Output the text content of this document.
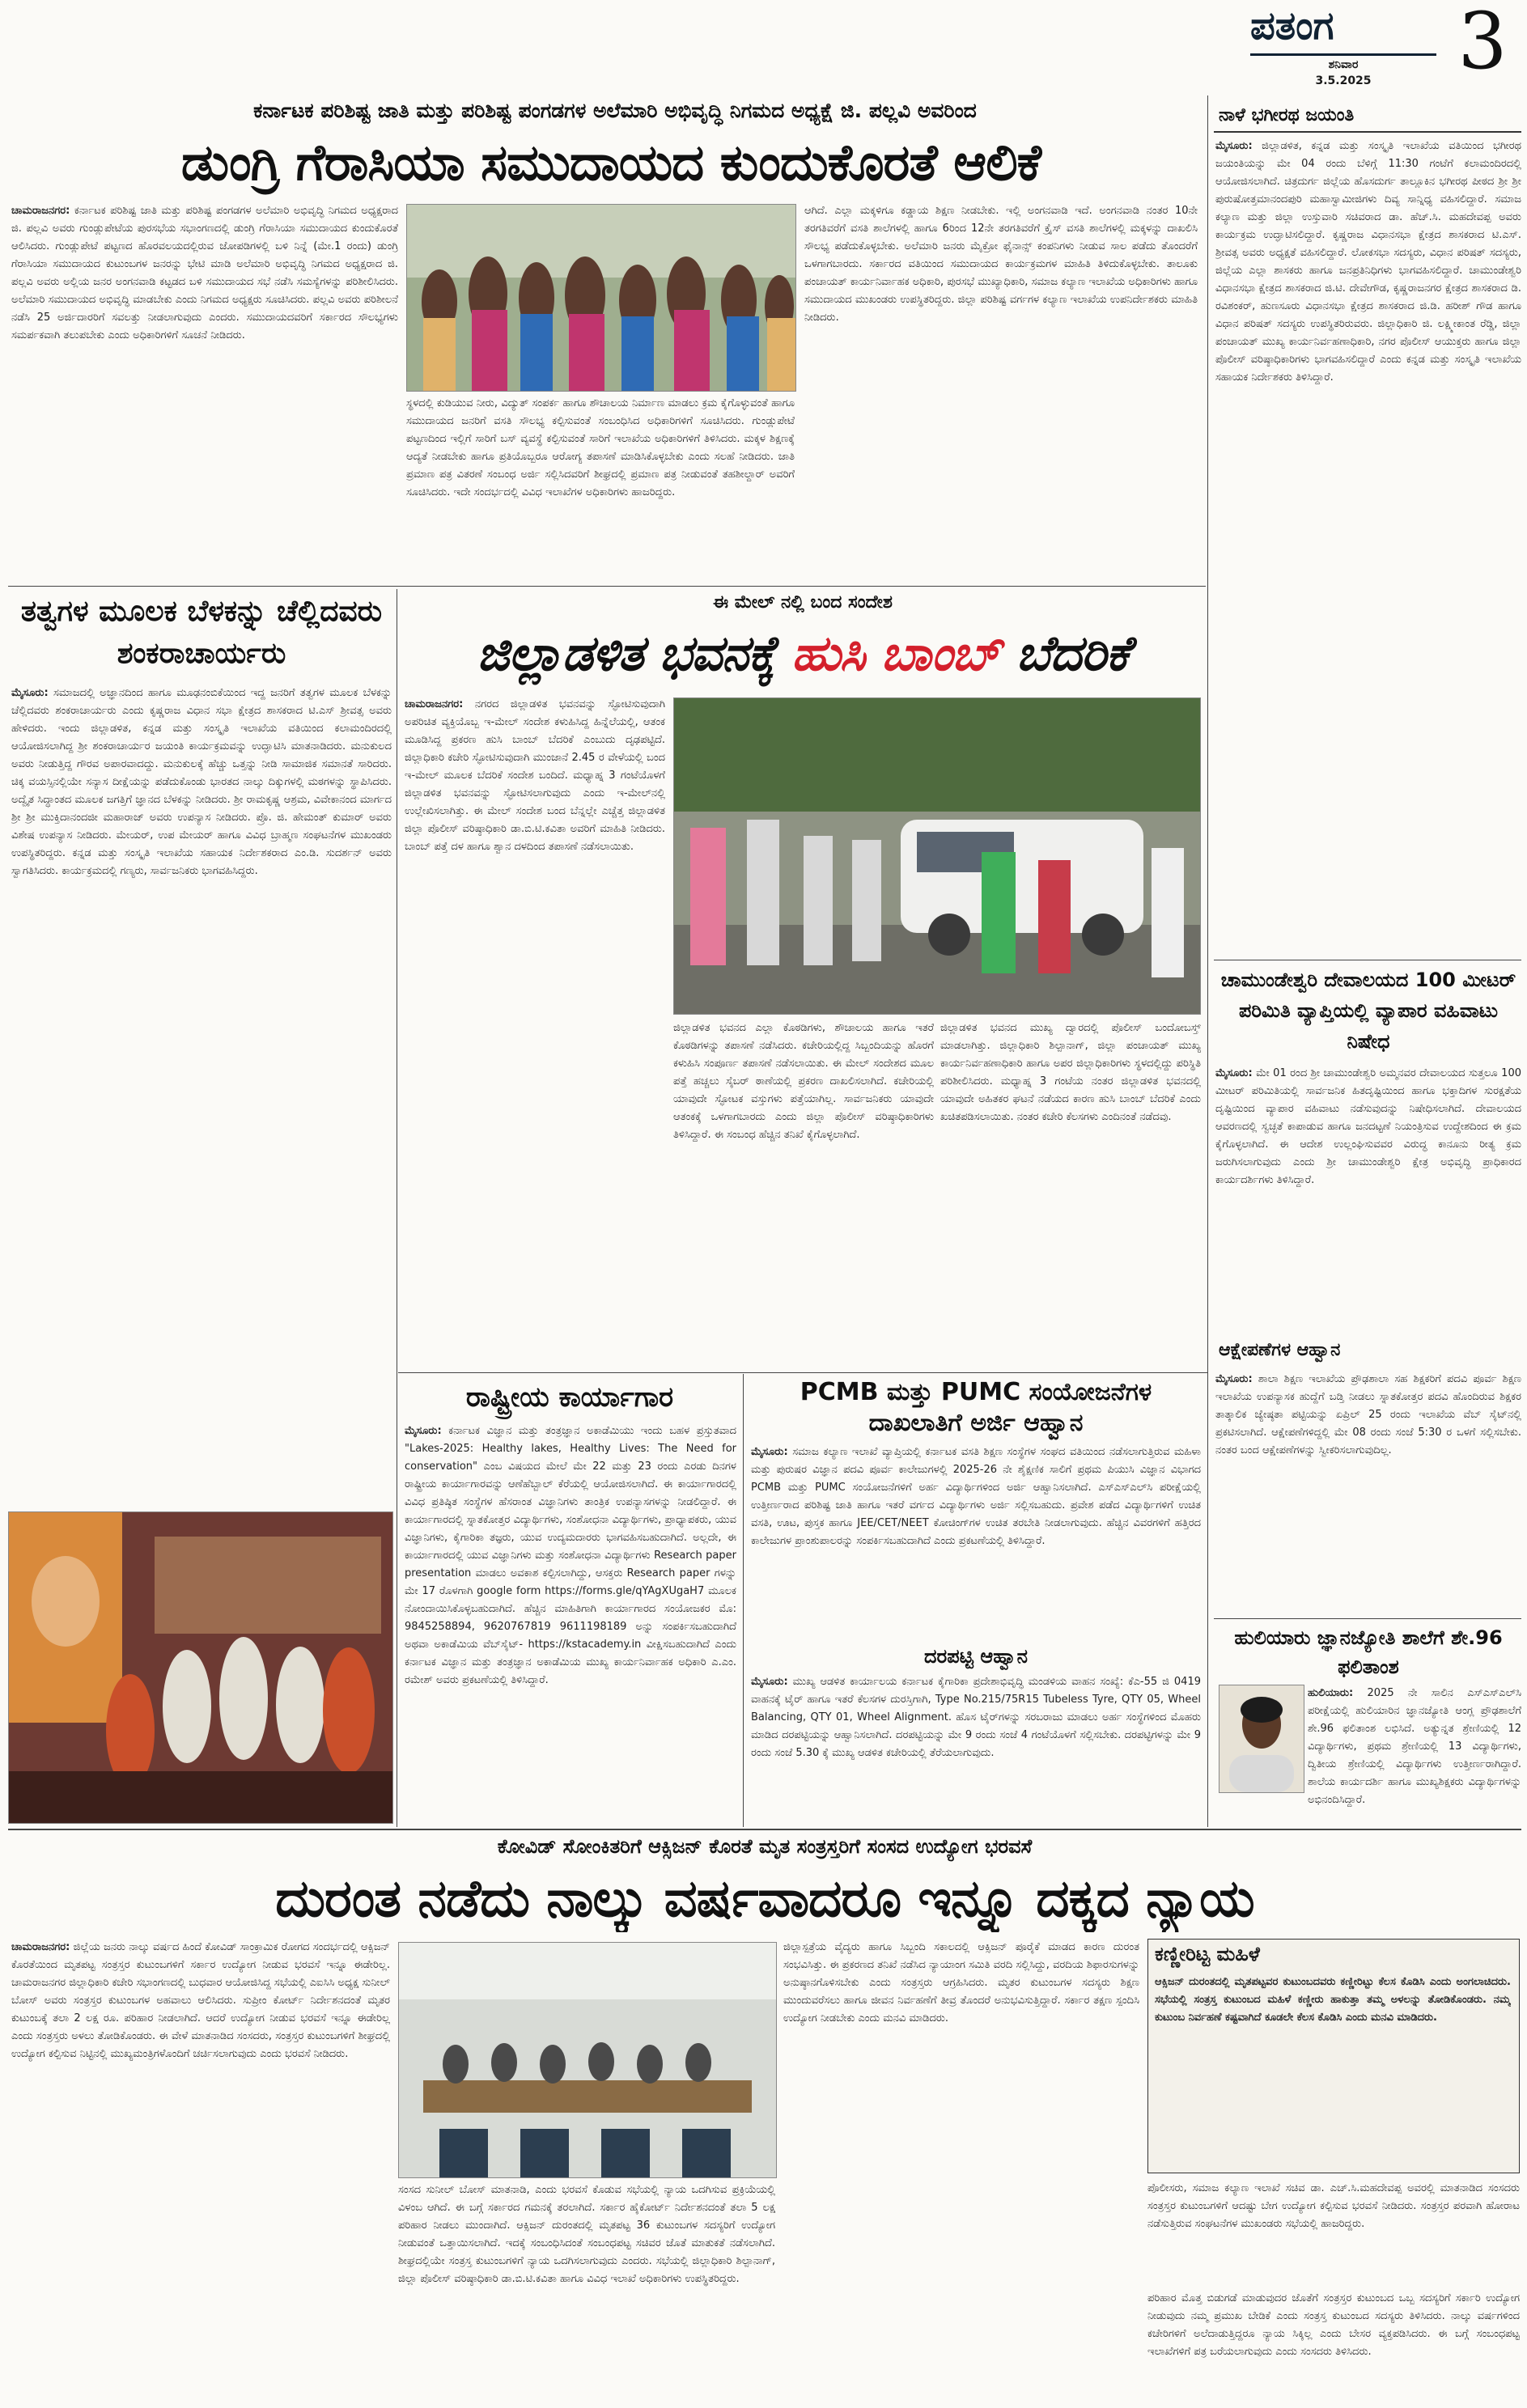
ಪತಂಗ
ಶನಿವಾರ
3.5.2025	3
ಕರ್ನಾಟಕ ಪರಿಶಿಷ್ಟ ಜಾತಿ ಮತ್ತು ಪರಿಶಿಷ್ಟ ಪಂಗಡಗಳ ಅಲೆಮಾರಿ ಅಭಿವೃದ್ಧಿ ನಿಗಮದ ಅಧ್ಯಕ್ಷೆ ಜಿ. ಪಲ್ಲವಿ ಅವರಿಂದ
ಡುಂಗ್ರಿ ಗೆರಾಸಿಯಾ ಸಮುದಾಯದ ಕುಂದುಕೊರತೆ ಆಲಿಕೆ
ಚಾಮರಾಜನಗರ: ಕರ್ನಾಟಕ ಪರಿಶಿಷ್ಟ ಜಾತಿ ಮತ್ತು ಪರಿಶಿಷ್ಟ ಪಂಗಡಗಳ ಅಲೆಮಾರಿ ಅಭಿವೃದ್ಧಿ ನಿಗಮದ ಅಧ್ಯಕ್ಷರಾದ ಜಿ. ಪಲ್ಲವಿ ಅವರು ಗುಂಡ್ಲುಪೇಟೆಯ ಪುರಸಭೆಯ ಸಭಾಂಗಣದಲ್ಲಿ ಡುಂಗ್ರಿ ಗೆರಾಸಿಯಾ ಸಮುದಾಯದ ಕುಂದುಕೊರತೆ ಆಲಿಸಿದರು. ಗುಂಡ್ಲುಪೇಟೆ ಪಟ್ಟಣದ ಹೊರವಲಯದಲ್ಲಿರುವ ಜೋಪಡಿಗಳಲ್ಲಿ ಬಳಿ ನಿನ್ನೆ (ಮೇ.1 ರಂದು) ಡುಂಗ್ರಿ ಗೆರಾಸಿಯಾ ಸಮುದಾಯದ ಕುಟುಂಬಗಳ ಜನರನ್ನು ಭೇಟಿ ಮಾಡಿ ಅಲೆಮಾರಿ ಅಭಿವೃದ್ಧಿ ನಿಗಮದ ಅಧ್ಯಕ್ಷರಾದ ಜಿ. ಪಲ್ಲವಿ ಅವರು ಅಲ್ಲಿಯ ಜನರ ಅಂಗನವಾಡಿ ಕಟ್ಟಡದ ಬಳಿ ಸಮುದಾಯದ ಸಭೆ ನಡೆಸಿ ಸಮಸ್ಯೆಗಳನ್ನು ಪರಿಶೀಲಿಸಿದರು. ಅಲೆಮಾರಿ ಸಮುದಾಯದ ಅಭಿವೃದ್ಧಿ ಮಾಡಬೇಕು ಎಂದು ನಿಗಮದ ಅಧ್ಯಕ್ಷರು ಸೂಚಿಸಿದರು. ಪಲ್ಲವಿ ಅವರು ಪರಿಶೀಲನೆ ನಡೆಸಿ 25 ಅರ್ಜಿದಾರರಿಗೆ ಸವಲತ್ತು ನೀಡಲಾಗುವುದು ಎಂದರು. ಸಮುದಾಯದವರಿಗೆ ಸರ್ಕಾರದ ಸೌಲಭ್ಯಗಳು ಸಮರ್ಪಕವಾಗಿ ತಲುಪಬೇಕು ಎಂದು ಅಧಿಕಾರಿಗಳಿಗೆ ಸೂಚನೆ ನೀಡಿದರು.
ಸ್ಥಳದಲ್ಲಿ ಕುಡಿಯುವ ನೀರು, ವಿದ್ಯುತ್ ಸಂಪರ್ಕ ಹಾಗೂ ಶೌಚಾಲಯ ನಿರ್ಮಾಣ ಮಾಡಲು ಕ್ರಮ ಕೈಗೊಳ್ಳುವಂತೆ ಹಾಗೂ ಸಮುದಾಯದ ಜನರಿಗೆ ವಸತಿ ಸೌಲಭ್ಯ ಕಲ್ಪಿಸುವಂತೆ ಸಂಬಂಧಿಸಿದ ಅಧಿಕಾರಿಗಳಿಗೆ ಸೂಚಿಸಿದರು. ಗುಂಡ್ಲುಪೇಟೆ ಪಟ್ಟಣದಿಂದ ಇಲ್ಲಿಗೆ ಸಾರಿಗೆ ಬಸ್ ವ್ಯವಸ್ಥೆ ಕಲ್ಪಿಸುವಂತೆ ಸಾರಿಗೆ ಇಲಾಖೆಯ ಅಧಿಕಾರಿಗಳಿಗೆ ತಿಳಿಸಿದರು. ಮಕ್ಕಳ ಶಿಕ್ಷಣಕ್ಕೆ ಆದ್ಯತೆ ನೀಡಬೇಕು ಹಾಗೂ ಪ್ರತಿಯೊಬ್ಬರೂ ಆರೋಗ್ಯ ತಪಾಸಣೆ ಮಾಡಿಸಿಕೊಳ್ಳಬೇಕು ಎಂದು ಸಲಹೆ ನೀಡಿದರು. ಜಾತಿ ಪ್ರಮಾಣ ಪತ್ರ ವಿತರಣೆ ಸಂಬಂಧ ಅರ್ಜಿ ಸಲ್ಲಿಸಿದವರಿಗೆ ಶೀಘ್ರದಲ್ಲಿ ಪ್ರಮಾಣ ಪತ್ರ ನೀಡುವಂತೆ ತಹಶೀಲ್ದಾರ್ ಅವರಿಗೆ ಸೂಚಿಸಿದರು. ಇದೇ ಸಂದರ್ಭದಲ್ಲಿ ವಿವಿಧ ಇಲಾಖೆಗಳ ಅಧಿಕಾರಿಗಳು ಹಾಜರಿದ್ದರು.
ಆಗಿದೆ. ಎಲ್ಲಾ ಮಕ್ಕಳಿಗೂ ಕಡ್ಡಾಯ ಶಿಕ್ಷಣ ನೀಡಬೇಕು. ಇಲ್ಲಿ ಅಂಗನವಾಡಿ ಇದೆ. ಅಂಗನವಾಡಿ ನಂತರ 10ನೇ ತರಗತಿವರೆಗೆ ವಸತಿ ಶಾಲೆಗಳಲ್ಲಿ ಹಾಗೂ 6ರಿಂದ 12ನೇ ತರಗತಿವರೆಗೆ ಕ್ರೈಸ್ ವಸತಿ ಶಾಲೆಗಳಲ್ಲಿ ಮಕ್ಕಳನ್ನು ದಾಖಲಿಸಿ ಸೌಲಭ್ಯ ಪಡೆದುಕೊಳ್ಳಬೇಕು. ಅಲೆಮಾರಿ ಜನರು ಮೈಕ್ರೋ ಫೈನಾನ್ಸ್ ಕಂಪನಿಗಳು ನೀಡುವ ಸಾಲ ಪಡೆದು ತೊಂದರೆಗೆ ಒಳಗಾಗಬಾರದು. ಸರ್ಕಾರದ ವತಿಯಿಂದ ಸಮುದಾಯದ ಕಾರ್ಯಕ್ರಮಗಳ ಮಾಹಿತಿ ತಿಳಿದುಕೊಳ್ಳಬೇಕು. ತಾಲೂಕು ಪಂಚಾಯತ್ ಕಾರ್ಯನಿರ್ವಾಹಕ ಅಧಿಕಾರಿ, ಪುರಸಭೆ ಮುಖ್ಯಾಧಿಕಾರಿ, ಸಮಾಜ ಕಲ್ಯಾಣ ಇಲಾಖೆಯ ಅಧಿಕಾರಿಗಳು ಹಾಗೂ ಸಮುದಾಯದ ಮುಖಂಡರು ಉಪಸ್ಥಿತರಿದ್ದರು. ಜಿಲ್ಲಾ ಪರಿಶಿಷ್ಟ ವರ್ಗಗಳ ಕಲ್ಯಾಣ ಇಲಾಖೆಯ ಉಪನಿರ್ದೇಶಕರು ಮಾಹಿತಿ ನೀಡಿದರು.
ನಾಳೆ ಭಗೀರಥ ಜಯಂತಿ
ಮೈಸೂರು: ಜಿಲ್ಲಾಡಳಿತ, ಕನ್ನಡ ಮತ್ತು ಸಂಸ್ಕೃತಿ ಇಲಾಖೆಯ ವತಿಯಿಂದ ಭಗೀರಥ ಜಯಂತಿಯನ್ನು ಮೇ 04 ರಂದು ಬೆಳಿಗ್ಗೆ 11:30 ಗಂಟೆಗೆ ಕಲಾಮಂದಿರದಲ್ಲಿ ಆಯೋಜಿಸಲಾಗಿದೆ. ಚಿತ್ರದುರ್ಗ ಜಿಲ್ಲೆಯ ಹೊಸದುರ್ಗ ತಾಲ್ಲೂಕಿನ ಭಗೀರಥ ಪೀಠದ ಶ್ರೀ ಶ್ರೀ ಪುರುಷೋತ್ತಮಾನಂದಪುರಿ ಮಹಾಸ್ವಾಮೀಜಿಗಳು ದಿವ್ಯ ಸಾನ್ನಿಧ್ಯ ವಹಿಸಲಿದ್ದಾರೆ. ಸಮಾಜ ಕಲ್ಯಾಣ ಮತ್ತು ಜಿಲ್ಲಾ ಉಸ್ತುವಾರಿ ಸಚಿವರಾದ ಡಾ. ಹೆಚ್.ಸಿ. ಮಹದೇವಪ್ಪ ಅವರು ಕಾರ್ಯಕ್ರಮ ಉದ್ಘಾಟಿಸಲಿದ್ದಾರೆ. ಕೃಷ್ಣರಾಜ ವಿಧಾನಸಭಾ ಕ್ಷೇತ್ರದ ಶಾಸಕರಾದ ಟಿ.ಎಸ್. ಶ್ರೀವತ್ಸ ಅವರು ಅಧ್ಯಕ್ಷತೆ ವಹಿಸಲಿದ್ದಾರೆ. ಲೋಕಸಭಾ ಸದಸ್ಯರು, ವಿಧಾನ ಪರಿಷತ್ ಸದಸ್ಯರು, ಜಿಲ್ಲೆಯ ಎಲ್ಲಾ ಶಾಸಕರು ಹಾಗೂ ಜನಪ್ರತಿನಿಧಿಗಳು ಭಾಗವಹಿಸಲಿದ್ದಾರೆ. ಚಾಮುಂಡೇಶ್ವರಿ ವಿಧಾನಸಭಾ ಕ್ಷೇತ್ರದ ಶಾಸಕರಾದ ಜಿ.ಟಿ. ದೇವೇಗೌಡ, ಕೃಷ್ಣರಾಜನಗರ ಕ್ಷೇತ್ರದ ಶಾಸಕರಾದ ಡಿ. ರವಿಶಂಕರ್, ಹುಣಸೂರು ವಿಧಾನಸಭಾ ಕ್ಷೇತ್ರದ ಶಾಸಕರಾದ ಜಿ.ಡಿ. ಹರೀಶ್ ಗೌಡ ಹಾಗೂ ವಿಧಾನ ಪರಿಷತ್ ಸದಸ್ಯರು ಉಪಸ್ಥಿತರಿರುವರು. ಜಿಲ್ಲಾಧಿಕಾರಿ ಜಿ. ಲಕ್ಷ್ಮೀಕಾಂತ ರೆಡ್ಡಿ, ಜಿಲ್ಲಾ ಪಂಚಾಯತ್ ಮುಖ್ಯ ಕಾರ್ಯನಿರ್ವಹಣಾಧಿಕಾರಿ, ನಗರ ಪೊಲೀಸ್ ಆಯುಕ್ತರು ಹಾಗೂ ಜಿಲ್ಲಾ ಪೊಲೀಸ್ ವರಿಷ್ಠಾಧಿಕಾರಿಗಳು ಭಾಗವಹಿಸಲಿದ್ದಾರೆ ಎಂದು ಕನ್ನಡ ಮತ್ತು ಸಂಸ್ಕೃತಿ ಇಲಾಖೆಯ ಸಹಾಯಕ ನಿರ್ದೇಶಕರು ತಿಳಿಸಿದ್ದಾರೆ.
ಚಾಮುಂಡೇಶ್ವರಿ ದೇವಾಲಯದ 100 ಮೀಟರ್ ಪರಿಮಿತಿ ವ್ಯಾಪ್ತಿಯಲ್ಲಿ ವ್ಯಾಪಾರ ವಹಿವಾಟು ನಿಷೇಧ
ಮೈಸೂರು: ಮೇ 01 ರಂದ ಶ್ರೀ ಚಾಮುಂಡೇಶ್ವರಿ ಅಮ್ಮನವರ ದೇವಾಲಯದ ಸುತ್ತಲೂ 100 ಮೀಟರ್ ಪರಿಮಿತಿಯಲ್ಲಿ ಸಾರ್ವಜನಿಕ ಹಿತದೃಷ್ಟಿಯಿಂದ ಹಾಗೂ ಭಕ್ತಾದಿಗಳ ಸುರಕ್ಷತೆಯ ದೃಷ್ಟಿಯಿಂದ ವ್ಯಾಪಾರ ವಹಿವಾಟು ನಡೆಸುವುದನ್ನು ನಿಷೇಧಿಸಲಾಗಿದೆ. ದೇವಾಲಯದ ಆವರಣದಲ್ಲಿ ಸ್ವಚ್ಛತೆ ಕಾಪಾಡುವ ಹಾಗೂ ಜನದಟ್ಟಣೆ ನಿಯಂತ್ರಿಸುವ ಉದ್ದೇಶದಿಂದ ಈ ಕ್ರಮ ಕೈಗೊಳ್ಳಲಾಗಿದೆ. ಈ ಆದೇಶ ಉಲ್ಲಂಘಿಸುವವರ ವಿರುದ್ಧ ಕಾನೂನು ರೀತ್ಯ ಕ್ರಮ ಜರುಗಿಸಲಾಗುವುದು ಎಂದು ಶ್ರೀ ಚಾಮುಂಡೇಶ್ವರಿ ಕ್ಷೇತ್ರ ಅಭಿವೃದ್ಧಿ ಪ್ರಾಧಿಕಾರದ ಕಾರ್ಯದರ್ಶಿಗಳು ತಿಳಿಸಿದ್ದಾರೆ.
ಆಕ್ಷೇಪಣೆಗಳ ಆಹ್ವಾನ
ಮೈಸೂರು: ಶಾಲಾ ಶಿಕ್ಷಣ ಇಲಾಖೆಯ ಪ್ರೌಢಶಾಲಾ ಸಹ ಶಿಕ್ಷಕರಿಗೆ ಪದವಿ ಪೂರ್ವ ಶಿಕ್ಷಣ ಇಲಾಖೆಯ ಉಪನ್ಯಾಸಕ ಹುದ್ದೆಗೆ ಬಡ್ತಿ ನೀಡಲು ಸ್ನಾತಕೋತ್ತರ ಪದವಿ ಹೊಂದಿರುವ ಶಿಕ್ಷಕರ ತಾತ್ಕಾಲಿಕ ಜ್ಯೇಷ್ಠತಾ ಪಟ್ಟಿಯನ್ನು ಏಪ್ರಿಲ್ 25 ರಂದು ಇಲಾಖೆಯ ವೆಬ್ ಸೈಟ್‌ನಲ್ಲಿ ಪ್ರಕಟಿಸಲಾಗಿದೆ. ಆಕ್ಷೇಪಣೆಗಳಿದ್ದಲ್ಲಿ ಮೇ 08 ರಂದು ಸಂಜೆ 5:30 ರ ಒಳಗೆ ಸಲ್ಲಿಸಬೇಕು. ನಂತರ ಬಂದ ಆಕ್ಷೇಪಣೆಗಳನ್ನು ಸ್ವೀಕರಿಸಲಾಗುವುದಿಲ್ಲ.
ಹುಲಿಯಾರು ಜ್ಞಾನಜ್ಯೋತಿ ಶಾಲೆಗೆ ಶೇ.96 ಫಲಿತಾಂಶ
ಹುಲಿಯಾರು: 2025 ನೇ ಸಾಲಿನ ಎಸ್‌ಎಸ್‌ಎಲ್‌ಸಿ ಪರೀಕ್ಷೆಯಲ್ಲಿ ಹುಲಿಯಾರಿನ ಜ್ಞಾನಜ್ಯೋತಿ ಆಂಗ್ಲ ಪ್ರೌಢಶಾಲೆಗೆ ಶೇ.96 ಫಲಿತಾಂಶ ಲಭಿಸಿದೆ. ಅತ್ಯುನ್ನತ ಶ್ರೇಣಿಯಲ್ಲಿ 12 ವಿದ್ಯಾರ್ಥಿಗಳು, ಪ್ರಥಮ ಶ್ರೇಣಿಯಲ್ಲಿ 13 ವಿದ್ಯಾರ್ಥಿಗಳು, ದ್ವಿತೀಯ ಶ್ರೇಣಿಯಲ್ಲಿ ವಿದ್ಯಾರ್ಥಿಗಳು ಉತ್ತೀರ್ಣರಾಗಿದ್ದಾರೆ. ಶಾಲೆಯ ಕಾರ್ಯದರ್ಶಿ ಹಾಗೂ ಮುಖ್ಯಶಿಕ್ಷಕರು ವಿದ್ಯಾರ್ಥಿಗಳನ್ನು ಅಭಿನಂದಿಸಿದ್ದಾರೆ.
ತತ್ವಗಳ ಮೂಲಕ ಬೆಳಕನ್ನು ಚೆಲ್ಲಿದವರು ಶಂಕರಾಚಾರ್ಯರು
ಮೈಸೂರು: ಸಮಾಜದಲ್ಲಿ ಅಜ್ಞಾನದಿಂದ ಹಾಗೂ ಮೂಢನಂಬಿಕೆಯಿಂದ ಇದ್ದ ಜನರಿಗೆ ತತ್ವಗಳ ಮೂಲಕ ಬೆಳಕನ್ನು ಚೆಲ್ಲಿದವರು ಶಂಕರಾಚಾರ್ಯರು ಎಂದು ಕೃಷ್ಣರಾಜ ವಿಧಾನ ಸಭಾ ಕ್ಷೇತ್ರದ ಶಾಸಕರಾದ ಟಿ.ಎಸ್ ಶ್ರೀವತ್ಸ ಅವರು ಹೇಳಿದರು. ಇಂದು ಜಿಲ್ಲಾಡಳಿತ, ಕನ್ನಡ ಮತ್ತು ಸಂಸ್ಕೃತಿ ಇಲಾಖೆಯ ವತಿಯಿಂದ ಕಲಾಮಂದಿರದಲ್ಲಿ ಆಯೋಜಿಸಲಾಗಿದ್ದ ಶ್ರೀ ಶಂಕರಾಚಾರ್ಯರ ಜಯಂತಿ ಕಾರ್ಯಕ್ರಮವನ್ನು ಉದ್ಘಾಟಿಸಿ ಮಾತನಾಡಿದರು. ಮನುಕುಲದ ಅವರು ನೀಡುತ್ತಿದ್ದ ಗೌರವ ಅಪಾರವಾದದ್ದು. ಮನುಕುಲಕ್ಕೆ ಹೆಚ್ಚು ಒತ್ತನ್ನು ನೀಡಿ ಸಾಮಾಜಿಕ ಸಮಾನತೆ ಸಾರಿದರು. ಚಿಕ್ಕ ವಯಸ್ಸಿನಲ್ಲಿಯೇ ಸನ್ಯಾಸ ದೀಕ್ಷೆಯನ್ನು ಪಡೆದುಕೊಂಡು ಭಾರತದ ನಾಲ್ಕು ದಿಕ್ಕುಗಳಲ್ಲಿ ಮಠಗಳನ್ನು ಸ್ಥಾಪಿಸಿದರು. ಅದ್ವೈತ ಸಿದ್ಧಾಂತದ ಮೂಲಕ ಜಗತ್ತಿಗೆ ಜ್ಞಾನದ ಬೆಳಕನ್ನು ನೀಡಿದರು. ಶ್ರೀ ರಾಮಕೃಷ್ಣ ಆಶ್ರಮ, ವಿವೇಕಾನಂದ ಮಾರ್ಗದ ಶ್ರೀ ಶ್ರೀ ಮುಕ್ತಿದಾನಂದಜೀ ಮಹಾರಾಜ್ ಅವರು ಉಪನ್ಯಾಸ ನೀಡಿದರು. ಪ್ರೊ. ಜಿ. ಹೇಮಂತ್ ಕುಮಾರ್ ಅವರು ವಿಶೇಷ ಉಪನ್ಯಾಸ ನೀಡಿದರು. ಮೇಯರ್, ಉಪ ಮೇಯರ್ ಹಾಗೂ ವಿವಿಧ ಬ್ರಾಹ್ಮಣ ಸಂಘಟನೆಗಳ ಮುಖಂಡರು ಉಪಸ್ಥಿತರಿದ್ದರು. ಕನ್ನಡ ಮತ್ತು ಸಂಸ್ಕೃತಿ ಇಲಾಖೆಯ ಸಹಾಯಕ ನಿರ್ದೇಶಕರಾದ ಎಂ.ಡಿ. ಸುದರ್ಶನ್ ಅವರು ಸ್ವಾಗತಿಸಿದರು. ಕಾರ್ಯಕ್ರಮದಲ್ಲಿ ಗಣ್ಯರು, ಸಾರ್ವಜನಿಕರು ಭಾಗವಹಿಸಿದ್ದರು.
ಈ ಮೇಲ್ ನಲ್ಲಿ ಬಂದ ಸಂದೇಶ
ಜಿಲ್ಲಾಡಳಿತ ಭವನಕ್ಕೆ ಹುಸಿ ಬಾಂಬ್ ಬೆದರಿಕೆ
ಚಾಮರಾಜನಗರ: ನಗರದ ಜಿಲ್ಲಾಡಳಿತ ಭವನವನ್ನು ಸ್ಫೋಟಿಸುವುದಾಗಿ ಅಪರಿಚಿತ ವ್ಯಕ್ತಿಯೊಬ್ಬ ಇ-ಮೇಲ್ ಸಂದೇಶ ಕಳುಹಿಸಿದ್ದ ಹಿನ್ನೆಲೆಯಲ್ಲಿ, ಆತಂಕ ಮೂಡಿಸಿದ್ದ ಪ್ರಕರಣ ಹುಸಿ ಬಾಂಬ್ ಬೆದರಿಕೆ ಎಂಬುದು ದೃಢಪಟ್ಟಿದೆ. ಜಿಲ್ಲಾಧಿಕಾರಿ ಕಚೇರಿ ಸ್ಫೋಟಿಸುವುದಾಗಿ ಮುಂಜಾನೆ 2.45 ರ ವೇಳೆಯಲ್ಲಿ ಬಂದ ಇ-ಮೇಲ್ ಮೂಲಕ ಬೆದರಿಕೆ ಸಂದೇಶ ಬಂದಿದೆ. ಮಧ್ಯಾಹ್ನ 3 ಗಂಟೆಯೊಳಗೆ ಜಿಲ್ಲಾಡಳಿತ ಭವನವನ್ನು ಸ್ಫೋಟಿಸಲಾಗುವುದು ಎಂದು ಇ-ಮೇಲ್‌ನಲ್ಲಿ ಉಲ್ಲೇಖಿಸಲಾಗಿತ್ತು. ಈ ಮೇಲ್ ಸಂದೇಶ ಬಂದ ಬೆನ್ನಲ್ಲೇ ಎಚ್ಚೆತ್ತ ಜಿಲ್ಲಾಡಳಿತ ಜಿಲ್ಲಾ ಪೊಲೀಸ್ ವರಿಷ್ಠಾಧಿಕಾರಿ ಡಾ.ಬಿ.ಟಿ.ಕವಿತಾ ಅವರಿಗೆ ಮಾಹಿತಿ ನೀಡಿದರು. ಬಾಂಬ್ ಪತ್ತೆ ದಳ ಹಾಗೂ ಶ್ವಾನ ದಳದಿಂದ ತಪಾಸಣೆ ನಡೆಸಲಾಯಿತು.
ಜಿಲ್ಲಾಡಳಿತ ಭವನದ ಎಲ್ಲಾ ಕೊಠಡಿಗಳು, ಶೌಚಾಲಯ ಹಾಗೂ ಇತರೆ ಕೊಠಡಿಗಳನ್ನು ತಪಾಸಣೆ ನಡೆಸಿದರು. ಕಚೇರಿಯಲ್ಲಿದ್ದ ಸಿಬ್ಬಂದಿಯನ್ನು ಹೊರಗೆ ಕಳುಹಿಸಿ ಸಂಪೂರ್ಣ ತಪಾಸಣೆ ನಡೆಸಲಾಯಿತು. ಈ ಮೇಲ್ ಸಂದೇಶದ ಮೂಲ ಪತ್ತೆ ಹಚ್ಚಲು ಸೈಬರ್ ಠಾಣೆಯಲ್ಲಿ ಪ್ರಕರಣ ದಾಖಲಿಸಲಾಗಿದೆ. ಕಚೇರಿಯಲ್ಲಿ ಯಾವುದೇ ಸ್ಫೋಟಕ ವಸ್ತುಗಳು ಪತ್ತೆಯಾಗಿಲ್ಲ. ಸಾರ್ವಜನಿಕರು ಯಾವುದೇ ಆತಂಕಕ್ಕೆ ಒಳಗಾಗಬಾರದು ಎಂದು ಜಿಲ್ಲಾ ಪೊಲೀಸ್ ವರಿಷ್ಠಾಧಿಕಾರಿಗಳು ತಿಳಿಸಿದ್ದಾರೆ. ಈ ಸಂಬಂಧ ಹೆಚ್ಚಿನ ತನಿಖೆ ಕೈಗೊಳ್ಳಲಾಗಿದೆ.
ಜಿಲ್ಲಾಡಳಿತ ಭವನದ ಮುಖ್ಯ ದ್ವಾರದಲ್ಲಿ ಪೊಲೀಸ್ ಬಂದೋಬಸ್ತ್ ಮಾಡಲಾಗಿತ್ತು. ಜಿಲ್ಲಾಧಿಕಾರಿ ಶಿಲ್ಪಾನಾಗ್, ಜಿಲ್ಲಾ ಪಂಚಾಯತ್ ಮುಖ್ಯ ಕಾರ್ಯನಿರ್ವಹಣಾಧಿಕಾರಿ ಹಾಗೂ ಅಪರ ಜಿಲ್ಲಾಧಿಕಾರಿಗಳು ಸ್ಥಳದಲ್ಲಿದ್ದು ಪರಿಸ್ಥಿತಿ ಪರಿಶೀಲಿಸಿದರು. ಮಧ್ಯಾಹ್ನ 3 ಗಂಟೆಯ ನಂತರ ಜಿಲ್ಲಾಡಳಿತ ಭವನದಲ್ಲಿ ಯಾವುದೇ ಅಹಿತಕರ ಘಟನೆ ನಡೆಯದ ಕಾರಣ ಹುಸಿ ಬಾಂಬ್ ಬೆದರಿಕೆ ಎಂದು ಖಚಿತಪಡಿಸಲಾಯಿತು. ನಂತರ ಕಚೇರಿ ಕೆಲಸಗಳು ಎಂದಿನಂತೆ ನಡೆದವು.
ರಾಷ್ಟ್ರೀಯ ಕಾರ್ಯಾಗಾರ
ಮೈಸೂರು: ಕರ್ನಾಟಕ ವಿಜ್ಞಾನ ಮತ್ತು ತಂತ್ರಜ್ಞಾನ ಅಕಾಡೆಮಿಯು ಇಂದು ಬಹಳ ಪ್ರಸ್ತುತವಾದ "Lakes-2025: Healthy lakes, Healthy Lives: The Need for conservation" ಎಂಬ ವಿಷಯದ ಮೇಲೆ ಮೇ 22 ಮತ್ತು 23 ರಂದು ಎರಡು ದಿನಗಳ ರಾಷ್ಟ್ರೀಯ ಕಾರ್ಯಾಗಾರವನ್ನು ಆಣೆಹೆಬ್ಬಾಲ್ ಕೆರೆಯಲ್ಲಿ ಆಯೋಜಿಸಲಾಗಿದೆ. ಈ ಕಾರ್ಯಾಗಾರದಲ್ಲಿ ವಿವಿಧ ಪ್ರತಿಷ್ಠಿತ ಸಂಸ್ಥೆಗಳ ಹೆಸರಾಂತ ವಿಜ್ಞಾನಿಗಳು ತಾಂತ್ರಿಕ ಉಪನ್ಯಾಸಗಳನ್ನು ನೀಡಲಿದ್ದಾರೆ. ಈ ಕಾರ್ಯಾಗಾರದಲ್ಲಿ ಸ್ನಾತಕೋತ್ತರ ವಿದ್ಯಾರ್ಥಿಗಳು, ಸಂಶೋಧನಾ ವಿದ್ಯಾರ್ಥಿಗಳು, ಪ್ರಾಧ್ಯಾಪಕರು, ಯುವ ವಿಜ್ಞಾನಿಗಳು, ಕೈಗಾರಿಕಾ ತಜ್ಞರು, ಯುವ ಉದ್ಯಮದಾರರು ಭಾಗವಹಿಸಬಹುದಾಗಿದೆ. ಅಲ್ಲದೇ, ಈ ಕಾರ್ಯಾಗಾರದಲ್ಲಿ ಯುವ ವಿಜ್ಞಾನಿಗಳು ಮತ್ತು ಸಂಶೋಧನಾ ವಿದ್ಯಾರ್ಥಿಗಳು Research paper presentation ಮಾಡಲು ಅವಕಾಶ ಕಲ್ಪಿಸಲಾಗಿದ್ದು, ಆಸಕ್ತರು Research paper ಗಳನ್ನು ಮೇ 17 ರೊಳಗಾಗಿ google form https://forms.gle/qYAgXUgaH7 ಮೂಲಕ ನೋಂದಾಯಿಸಿಕೊಳ್ಳಬಹುದಾಗಿದೆ. ಹೆಚ್ಚಿನ ಮಾಹಿತಿಗಾಗಿ ಕಾರ್ಯಾಗಾರದ ಸಂಯೋಜಕರ ಮೊ: 9845258894, 9620767819 9611198189 ಅನ್ನು ಸಂಪರ್ಕಿಸಬಹುದಾಗಿದೆ ಅಥವಾ ಅಕಾಡೆಮಿಯ ವೆಬ್‌ಸೈಟ್- https://kstacademy.in ವೀಕ್ಷಿಸಬಹುದಾಗಿದೆ ಎಂದು ಕರ್ನಾಟಕ ವಿಜ್ಞಾನ ಮತ್ತು ತಂತ್ರಜ್ಞಾನ ಅಕಾಡೆಮಿಯ ಮುಖ್ಯ ಕಾರ್ಯನಿರ್ವಾಹಕ ಅಧಿಕಾರಿ ಎ.ಎಂ. ರಮೇಶ್ ಅವರು ಪ್ರಕಟಣೆಯಲ್ಲಿ ತಿಳಿಸಿದ್ದಾರೆ.
PCMB ಮತ್ತು PUMC ಸಂಯೋಜನೆಗಳ
ದಾಖಲಾತಿಗೆ ಅರ್ಜಿ ಆಹ್ವಾನ
ಮೈಸೂರು: ಸಮಾಜ ಕಲ್ಯಾಣ ಇಲಾಖೆ ವ್ಯಾಪ್ತಿಯಲ್ಲಿ ಕರ್ನಾಟಕ ವಸತಿ ಶಿಕ್ಷಣ ಸಂಸ್ಥೆಗಳ ಸಂಘದ ವತಿಯಿಂದ ನಡೆಸಲಾಗುತ್ತಿರುವ ಮಹಿಳಾ ಮತ್ತು ಪುರುಷರ ವಿಜ್ಞಾನ ಪದವಿ ಪೂರ್ವ ಕಾಲೇಜುಗಳಲ್ಲಿ 2025-26 ನೇ ಶೈಕ್ಷಣಿಕ ಸಾಲಿಗೆ ಪ್ರಥಮ ಪಿಯುಸಿ ವಿಜ್ಞಾನ ವಿಭಾಗದ PCMB ಮತ್ತು PUMC ಸಂಯೋಜನೆಗಳಿಗೆ ಅರ್ಹ ವಿದ್ಯಾರ್ಥಿಗಳಿಂದ ಅರ್ಜಿ ಆಹ್ವಾನಿಸಲಾಗಿದೆ. ಎಸ್ಎಸ್ಎಲ್‌ಸಿ ಪರೀಕ್ಷೆಯಲ್ಲಿ ಉತ್ತೀರ್ಣರಾದ ಪರಿಶಿಷ್ಟ ಜಾತಿ ಹಾಗೂ ಇತರೆ ವರ್ಗದ ವಿದ್ಯಾರ್ಥಿಗಳು ಅರ್ಜಿ ಸಲ್ಲಿಸಬಹುದು. ಪ್ರವೇಶ ಪಡೆದ ವಿದ್ಯಾರ್ಥಿಗಳಿಗೆ ಉಚಿತ ವಸತಿ, ಊಟ, ಪುಸ್ತಕ ಹಾಗೂ JEE/CET/NEET ಕೋಚಿಂಗ್‌ಗಳ ಉಚಿತ ತರಬೇತಿ ನೀಡಲಾಗುವುದು. ಹೆಚ್ಚಿನ ವಿವರಗಳಿಗೆ ಹತ್ತಿರದ ಕಾಲೇಜುಗಳ ಪ್ರಾಂಶುಪಾಲರನ್ನು ಸಂಪರ್ಕಿಸಬಹುದಾಗಿದೆ ಎಂದು ಪ್ರಕಟಣೆಯಲ್ಲಿ ತಿಳಿಸಿದ್ದಾರೆ.
ದರಪಟ್ಟಿ ಆಹ್ವಾನ
ಮೈಸೂರು: ಮುಖ್ಯ ಆಡಳಿತ ಕಾರ್ಯಾಲಯ ಕರ್ನಾಟಕ ಕೈಗಾರಿಕಾ ಪ್ರದೇಶಾಭಿವೃದ್ಧಿ ಮಂಡಳಿಯ ವಾಹನ ಸಂಖ್ಯೆ: ಕೆಎ-55 ಜಿ 0419 ವಾಹನಕ್ಕೆ ಟೈರ್ ಹಾಗೂ ಇತರೆ ಕೆಲಸಗಳ ದುರಸ್ತಿಗಾಗಿ, Type No.215/75R15 Tubeless Tyre, QTY 05, Wheel Balancing, QTY 01, Wheel Alignment. ಹೊಸ ಟೈರ್‌ಗಳನ್ನು ಸರಬರಾಜು ಮಾಡಲು ಅರ್ಹ ಸಂಸ್ಥೆಗಳಿಂದ ಮೊಹರು ಮಾಡಿದ ದರಪಟ್ಟಿಯನ್ನು ಆಹ್ವಾನಿಸಲಾಗಿದೆ. ದರಪಟ್ಟಿಯನ್ನು ಮೇ 9 ರಂದು ಸಂಜೆ 4 ಗಂಟೆಯೊಳಗೆ ಸಲ್ಲಿಸಬೇಕು. ದರಪಟ್ಟಿಗಳನ್ನು ಮೇ 9 ರಂದು ಸಂಜೆ 5.30 ಕ್ಕೆ ಮುಖ್ಯ ಆಡಳಿತ ಕಚೇರಿಯಲ್ಲಿ ತೆರೆಯಲಾಗುವುದು.
ಕೋವಿಡ್ ಸೋಂಕಿತರಿಗೆ ಆಕ್ಸಿಜನ್ ಕೊರತೆ ಮೃತ ಸಂತ್ರಸ್ತರಿಗೆ ಸಂಸದ ಉದ್ಯೋಗ ಭರವಸೆ
ದುರಂತ ನಡೆದು ನಾಲ್ಕು ವರ್ಷವಾದರೂ ಇನ್ನೂ ದಕ್ಕದ ನ್ಯಾಯ
ಚಾಮರಾಜನಗರ: ಜಿಲ್ಲೆಯ ಜನರು ನಾಲ್ಕು ವರ್ಷದ ಹಿಂದೆ ಕೋವಿಡ್ ಸಾಂಕ್ರಾಮಿಕ ರೋಗದ ಸಂದರ್ಭದಲ್ಲಿ ಆಕ್ಸಿಜನ್ ಕೊರತೆಯಿಂದ ಮೃತಪಟ್ಟ ಸಂತ್ರಸ್ತರ ಕುಟುಂಬಗಳಿಗೆ ಸರ್ಕಾರ ಉದ್ಯೋಗ ನೀಡುವ ಭರವಸೆ ಇನ್ನೂ ಈಡೇರಿಲ್ಲ. ಚಾಮರಾಜನಗರ ಜಿಲ್ಲಾಧಿಕಾರಿ ಕಚೇರಿ ಸಭಾಂಗಣದಲ್ಲಿ ಬುಧವಾರ ಆಯೋಜಿಸಿದ್ದ ಸಭೆಯಲ್ಲಿ ಎಐಸಿಸಿ ಅಧ್ಯಕ್ಷ ಸುನೀಲ್ ಬೋಸ್ ಅವರು ಸಂತ್ರಸ್ತರ ಕುಟುಂಬಗಳ ಅಹವಾಲು ಆಲಿಸಿದರು. ಸುಪ್ರೀಂ ಕೋರ್ಟ್ ನಿರ್ದೇಶನದಂತೆ ಮೃತರ ಕುಟುಂಬಕ್ಕೆ ತಲಾ 2 ಲಕ್ಷ ರೂ. ಪರಿಹಾರ ನೀಡಲಾಗಿದೆ. ಆದರೆ ಉದ್ಯೋಗ ನೀಡುವ ಭರವಸೆ ಇನ್ನೂ ಈಡೇರಿಲ್ಲ ಎಂದು ಸಂತ್ರಸ್ತರು ಅಳಲು ತೋಡಿಕೊಂಡರು. ಈ ವೇಳೆ ಮಾತನಾಡಿದ ಸಂಸದರು, ಸಂತ್ರಸ್ತರ ಕುಟುಂಬಗಳಿಗೆ ಶೀಘ್ರದಲ್ಲಿ ಉದ್ಯೋಗ ಕಲ್ಪಿಸುವ ನಿಟ್ಟಿನಲ್ಲಿ ಮುಖ್ಯಮಂತ್ರಿಗಳೊಂದಿಗೆ ಚರ್ಚಿಸಲಾಗುವುದು ಎಂದು ಭರವಸೆ ನೀಡಿದರು.
ಸಂಸದ ಸುನೀಲ್ ಬೋಸ್ ಮಾತನಾಡಿ, ಎಂದು ಭರವಸೆ ಕೊಡುವ ಸಭೆಯಲ್ಲಿ ನ್ಯಾಯ ಒದಗಿಸುವ ಪ್ರಕ್ರಿಯೆಯಲ್ಲಿ ವಿಳಂಬ ಆಗಿದೆ. ಈ ಬಗ್ಗೆ ಸರ್ಕಾರದ ಗಮನಕ್ಕೆ ತರಲಾಗಿದೆ. ಸರ್ಕಾರ ಹೈಕೋರ್ಟ್ ನಿರ್ದೇಶನದಂತೆ ತಲಾ 5 ಲಕ್ಷ ಪರಿಹಾರ ನೀಡಲು ಮುಂದಾಗಿದೆ. ಆಕ್ಸಿಜನ್ ದುರಂತದಲ್ಲಿ ಮೃತಪಟ್ಟ 36 ಕುಟುಂಬಗಳ ಸದಸ್ಯರಿಗೆ ಉದ್ಯೋಗ ನೀಡುವಂತೆ ಒತ್ತಾಯಿಸಲಾಗಿದೆ. ಇದಕ್ಕೆ ಸಂಬಂಧಿಸಿದಂತೆ ಸಂಬಂಧಪಟ್ಟ ಸಚಿವರ ಜೊತೆ ಮಾತುಕತೆ ನಡೆಸಲಾಗಿದೆ. ಶೀಘ್ರದಲ್ಲಿಯೇ ಸಂತ್ರಸ್ತ ಕುಟುಂಬಗಳಿಗೆ ನ್ಯಾಯ ಒದಗಿಸಲಾಗುವುದು ಎಂದರು. ಸಭೆಯಲ್ಲಿ ಜಿಲ್ಲಾಧಿಕಾರಿ ಶಿಲ್ಪಾನಾಗ್, ಜಿಲ್ಲಾ ಪೊಲೀಸ್ ವರಿಷ್ಠಾಧಿಕಾರಿ ಡಾ.ಬಿ.ಟಿ.ಕವಿತಾ ಹಾಗೂ ವಿವಿಧ ಇಲಾಖೆ ಅಧಿಕಾರಿಗಳು ಉಪಸ್ಥಿತರಿದ್ದರು.
ಜಿಲ್ಲಾಸ್ಪತ್ರೆಯ ವೈದ್ಯರು ಹಾಗೂ ಸಿಬ್ಬಂದಿ ಸಕಾಲದಲ್ಲಿ ಆಕ್ಸಿಜನ್ ಪೂರೈಕೆ ಮಾಡದ ಕಾರಣ ದುರಂತ ಸಂಭವಿಸಿತ್ತು. ಈ ಪ್ರಕರಣದ ತನಿಖೆ ನಡೆಸಿದ ನ್ಯಾಯಾಂಗ ಸಮಿತಿ ವರದಿ ಸಲ್ಲಿಸಿದ್ದು, ವರದಿಯ ಶಿಫಾರಸುಗಳನ್ನು ಅನುಷ್ಠಾನಗೊಳಿಸಬೇಕು ಎಂದು ಸಂತ್ರಸ್ತರು ಆಗ್ರಹಿಸಿದರು. ಮೃತರ ಕುಟುಂಬಗಳ ಸದಸ್ಯರು ಶಿಕ್ಷಣ ಮುಂದುವರೆಸಲು ಹಾಗೂ ಜೀವನ ನಿರ್ವಹಣೆಗೆ ತೀವ್ರ ತೊಂದರೆ ಅನುಭವಿಸುತ್ತಿದ್ದಾರೆ. ಸರ್ಕಾರ ತಕ್ಷಣ ಸ್ಪಂದಿಸಿ ಉದ್ಯೋಗ ನೀಡಬೇಕು ಎಂದು ಮನವಿ ಮಾಡಿದರು.
ಕಣ್ಣೀರಿಟ್ಟ ಮಹಿಳೆ
ಆಕ್ಸಿಜನ್ ದುರಂತದಲ್ಲಿ ಮೃತಪಟ್ಟವರ ಕುಟುಂಬದವರು ಕಣ್ಣೀರಿಟ್ಟು ಕೆಲಸ ಕೊಡಿಸಿ ಎಂದು ಅಂಗಲಾಚಿದರು. ಸಭೆಯಲ್ಲಿ ಸಂತ್ರಸ್ತ ಕುಟುಂಬದ ಮಹಿಳೆ ಕಣ್ಣೀರು ಹಾಕುತ್ತಾ ತಮ್ಮ ಅಳಲನ್ನು ತೋಡಿಕೊಂಡರು. ನಮ್ಮ ಕುಟುಂಬ ನಿರ್ವಹಣೆ ಕಷ್ಟವಾಗಿದೆ ಕೂಡಲೇ ಕೆಲಸ ಕೊಡಿಸಿ ಎಂದು ಮನವಿ ಮಾಡಿದರು.
ಪೊಲೀಸರು, ಸಮಾಜ ಕಲ್ಯಾಣ ಇಲಾಖೆ ಸಚಿವ ಡಾ. ಎಚ್.ಸಿ.ಮಹದೇವಪ್ಪ ಅವರಲ್ಲಿ ಮಾತನಾಡಿದ ಸಂಸದರು ಸಂತ್ರಸ್ತರ ಕುಟುಂಬಗಳಿಗೆ ಆದಷ್ಟು ಬೇಗ ಉದ್ಯೋಗ ಕಲ್ಪಿಸುವ ಭರವಸೆ ನೀಡಿದರು. ಸಂತ್ರಸ್ತರ ಪರವಾಗಿ ಹೋರಾಟ ನಡೆಸುತ್ತಿರುವ ಸಂಘಟನೆಗಳ ಮುಖಂಡರು ಸಭೆಯಲ್ಲಿ ಹಾಜರಿದ್ದರು.
ಪರಿಹಾರ ಮೊತ್ತ ಬಿಡುಗಡೆ ಮಾಡುವುದರ ಜೊತೆಗೆ ಸಂತ್ರಸ್ತರ ಕುಟುಂಬದ ಒಬ್ಬ ಸದಸ್ಯರಿಗೆ ಸರ್ಕಾರಿ ಉದ್ಯೋಗ ನೀಡುವುದು ನಮ್ಮ ಪ್ರಮುಖ ಬೇಡಿಕೆ ಎಂದು ಸಂತ್ರಸ್ತ ಕುಟುಂಬದ ಸದಸ್ಯರು ತಿಳಿಸಿದರು. ನಾಲ್ಕು ವರ್ಷಗಳಿಂದ ಕಚೇರಿಗಳಿಗೆ ಅಲೆದಾಡುತ್ತಿದ್ದರೂ ನ್ಯಾಯ ಸಿಕ್ಕಿಲ್ಲ ಎಂದು ಬೇಸರ ವ್ಯಕ್ತಪಡಿಸಿದರು. ಈ ಬಗ್ಗೆ ಸಂಬಂಧಪಟ್ಟ ಇಲಾಖೆಗಳಿಗೆ ಪತ್ರ ಬರೆಯಲಾಗುವುದು ಎಂದು ಸಂಸದರು ತಿಳಿಸಿದರು.
